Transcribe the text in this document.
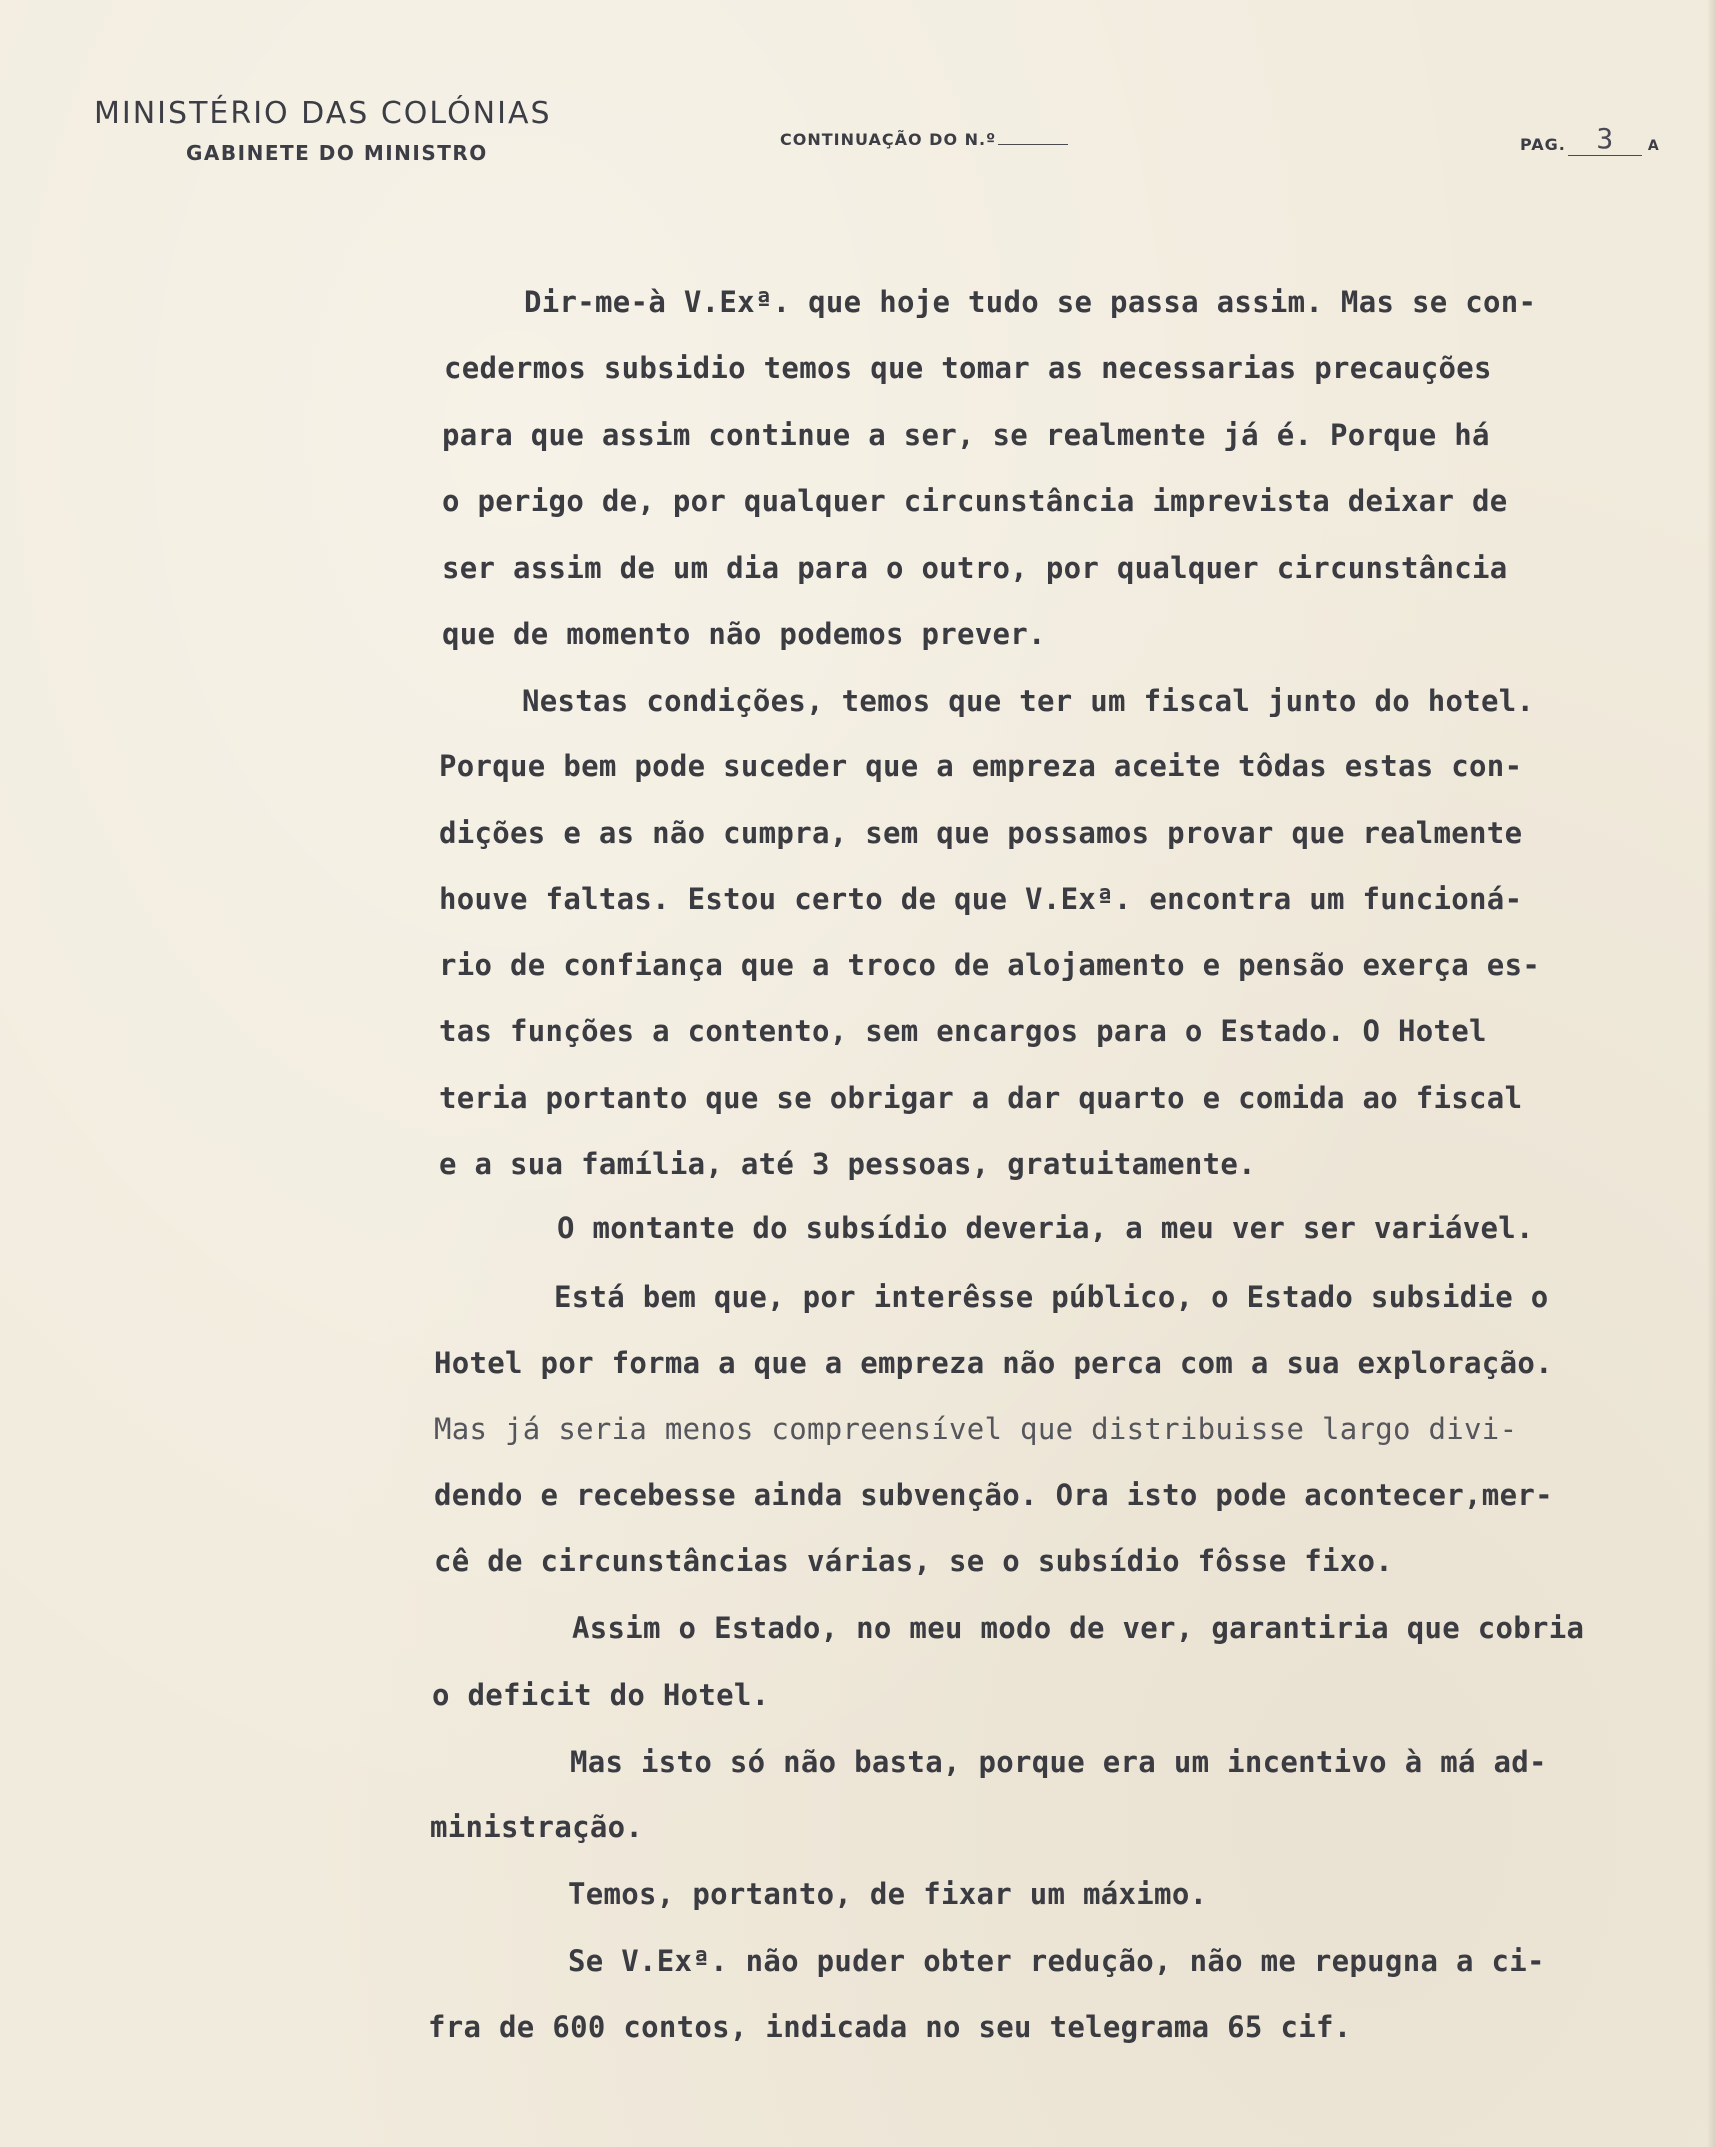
MINISTÉRIO DAS COLÓNIAS
GABINETE DO MINISTRO
CONTINUAÇÃO DO N.º	PAG. 3 A
Dir-me-à V.Exª. que hoje tudo se passa assim. Mas se con-
cedermos subsidio temos que tomar as necessarias precauções
para que assim continue a ser, se realmente já é. Porque há
o perigo de, por qualquer circunstância imprevista deixar de
ser assim de um dia para o outro, por qualquer circunstância
que de momento não podemos prever.
Nestas condições, temos que ter um fiscal junto do hotel.
Porque bem pode suceder que a empreza aceite tôdas estas con-
dições e as não cumpra, sem que possamos provar que realmente
houve faltas. Estou certo de que V.Exª. encontra um funcioná-
rio de confiança que a troco de alojamento e pensão exerça es-
tas funções a contento, sem encargos para o Estado. O Hotel
teria portanto que se obrigar a dar quarto e comida ao fiscal
e a sua família, até 3 pessoas, gratuitamente.
O montante do subsídio deveria, a meu ver ser variável.
Está bem que, por interêsse público, o Estado subsidie o
Hotel por forma a que a empreza não perca com a sua exploração.
Mas já seria menos compreensível que distribuisse largo divi-
dendo e recebesse ainda subvenção. Ora isto pode acontecer,mer-
cê de circunstâncias várias, se o subsídio fôsse fixo.
Assim o Estado, no meu modo de ver, garantiria que cobria
o deficit do Hotel.
Mas isto só não basta, porque era um incentivo à má ad-
ministração.
Temos, portanto, de fixar um máximo.
Se V.Exª. não puder obter redução, não me repugna a ci-
fra de 600 contos, indicada no seu telegrama 65 cif.
